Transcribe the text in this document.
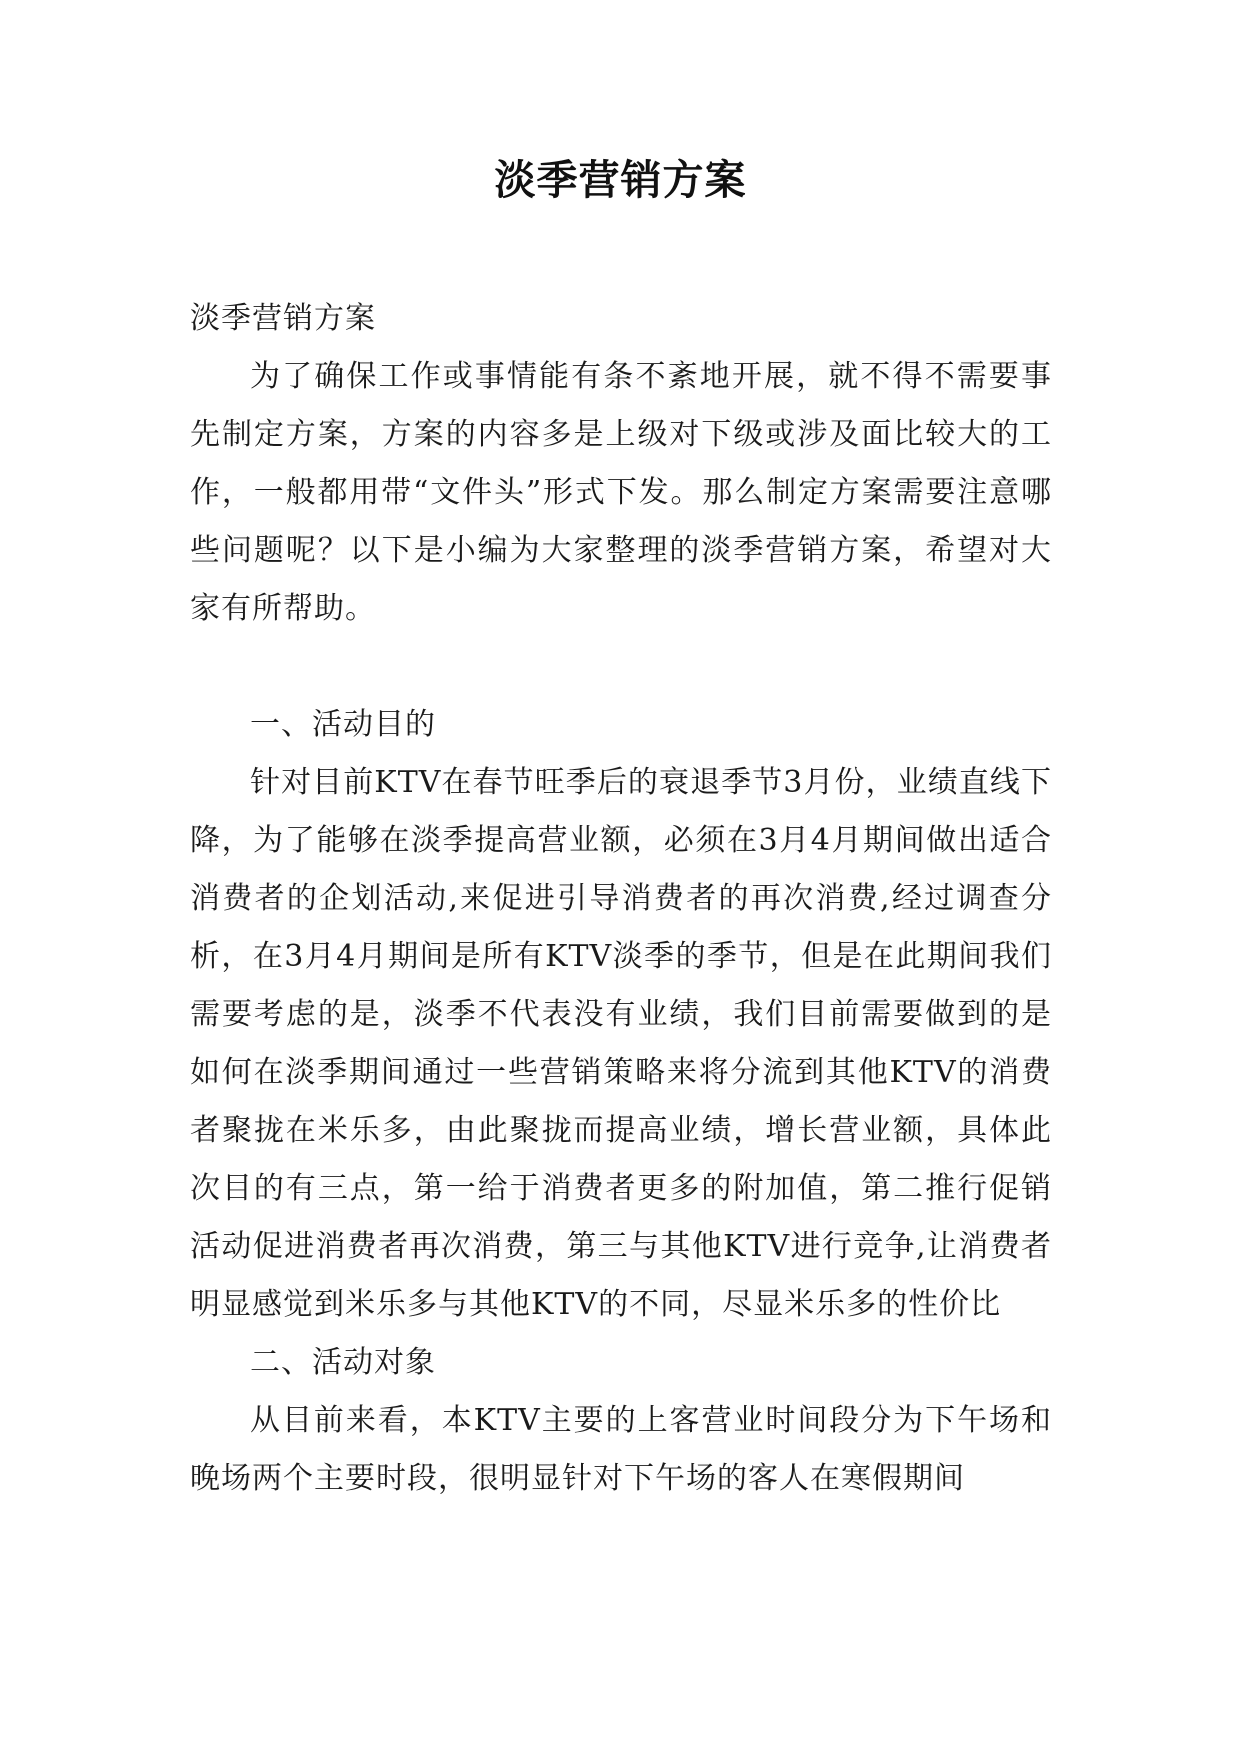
淡季营销方案

淡季营销方案

为了确保工作或事情能有条不紊地开展，就不得不需要事先制定方案，方案的内容多是上级对下级或涉及面比较大的工作，一般都用带“文件头”形式下发。那么制定方案需要注意哪些问题呢？以下是小编为大家整理的淡季营销方案，希望对大家有所帮助。

一、活动目的

针对目前KTV在春节旺季后的衰退季节3月份，业绩直线下降，为了能够在淡季提高营业额，必须在3月4月期间做出适合消费者的企划活动,来促进引导消费者的再次消费,经过调查分析，在3月4月期间是所有KTV淡季的季节，但是在此期间我们需要考虑的是，淡季不代表没有业绩，我们目前需要做到的是如何在淡季期间通过一些营销策略来将分流到其他KTV的消费者聚拢在米乐多，由此聚拢而提高业绩，增长营业额，具体此次目的有三点，第一给于消费者更多的附加值，第二推行促销活动促进消费者再次消费，第三与其他KTV进行竞争,让消费者明显感觉到米乐多与其他KTV的不同，尽显米乐多的性价比

二、活动对象

从目前来看，本KTV主要的上客营业时间段分为下午场和晚场两个主要时段，很明显针对下午场的客人在寒假期间
